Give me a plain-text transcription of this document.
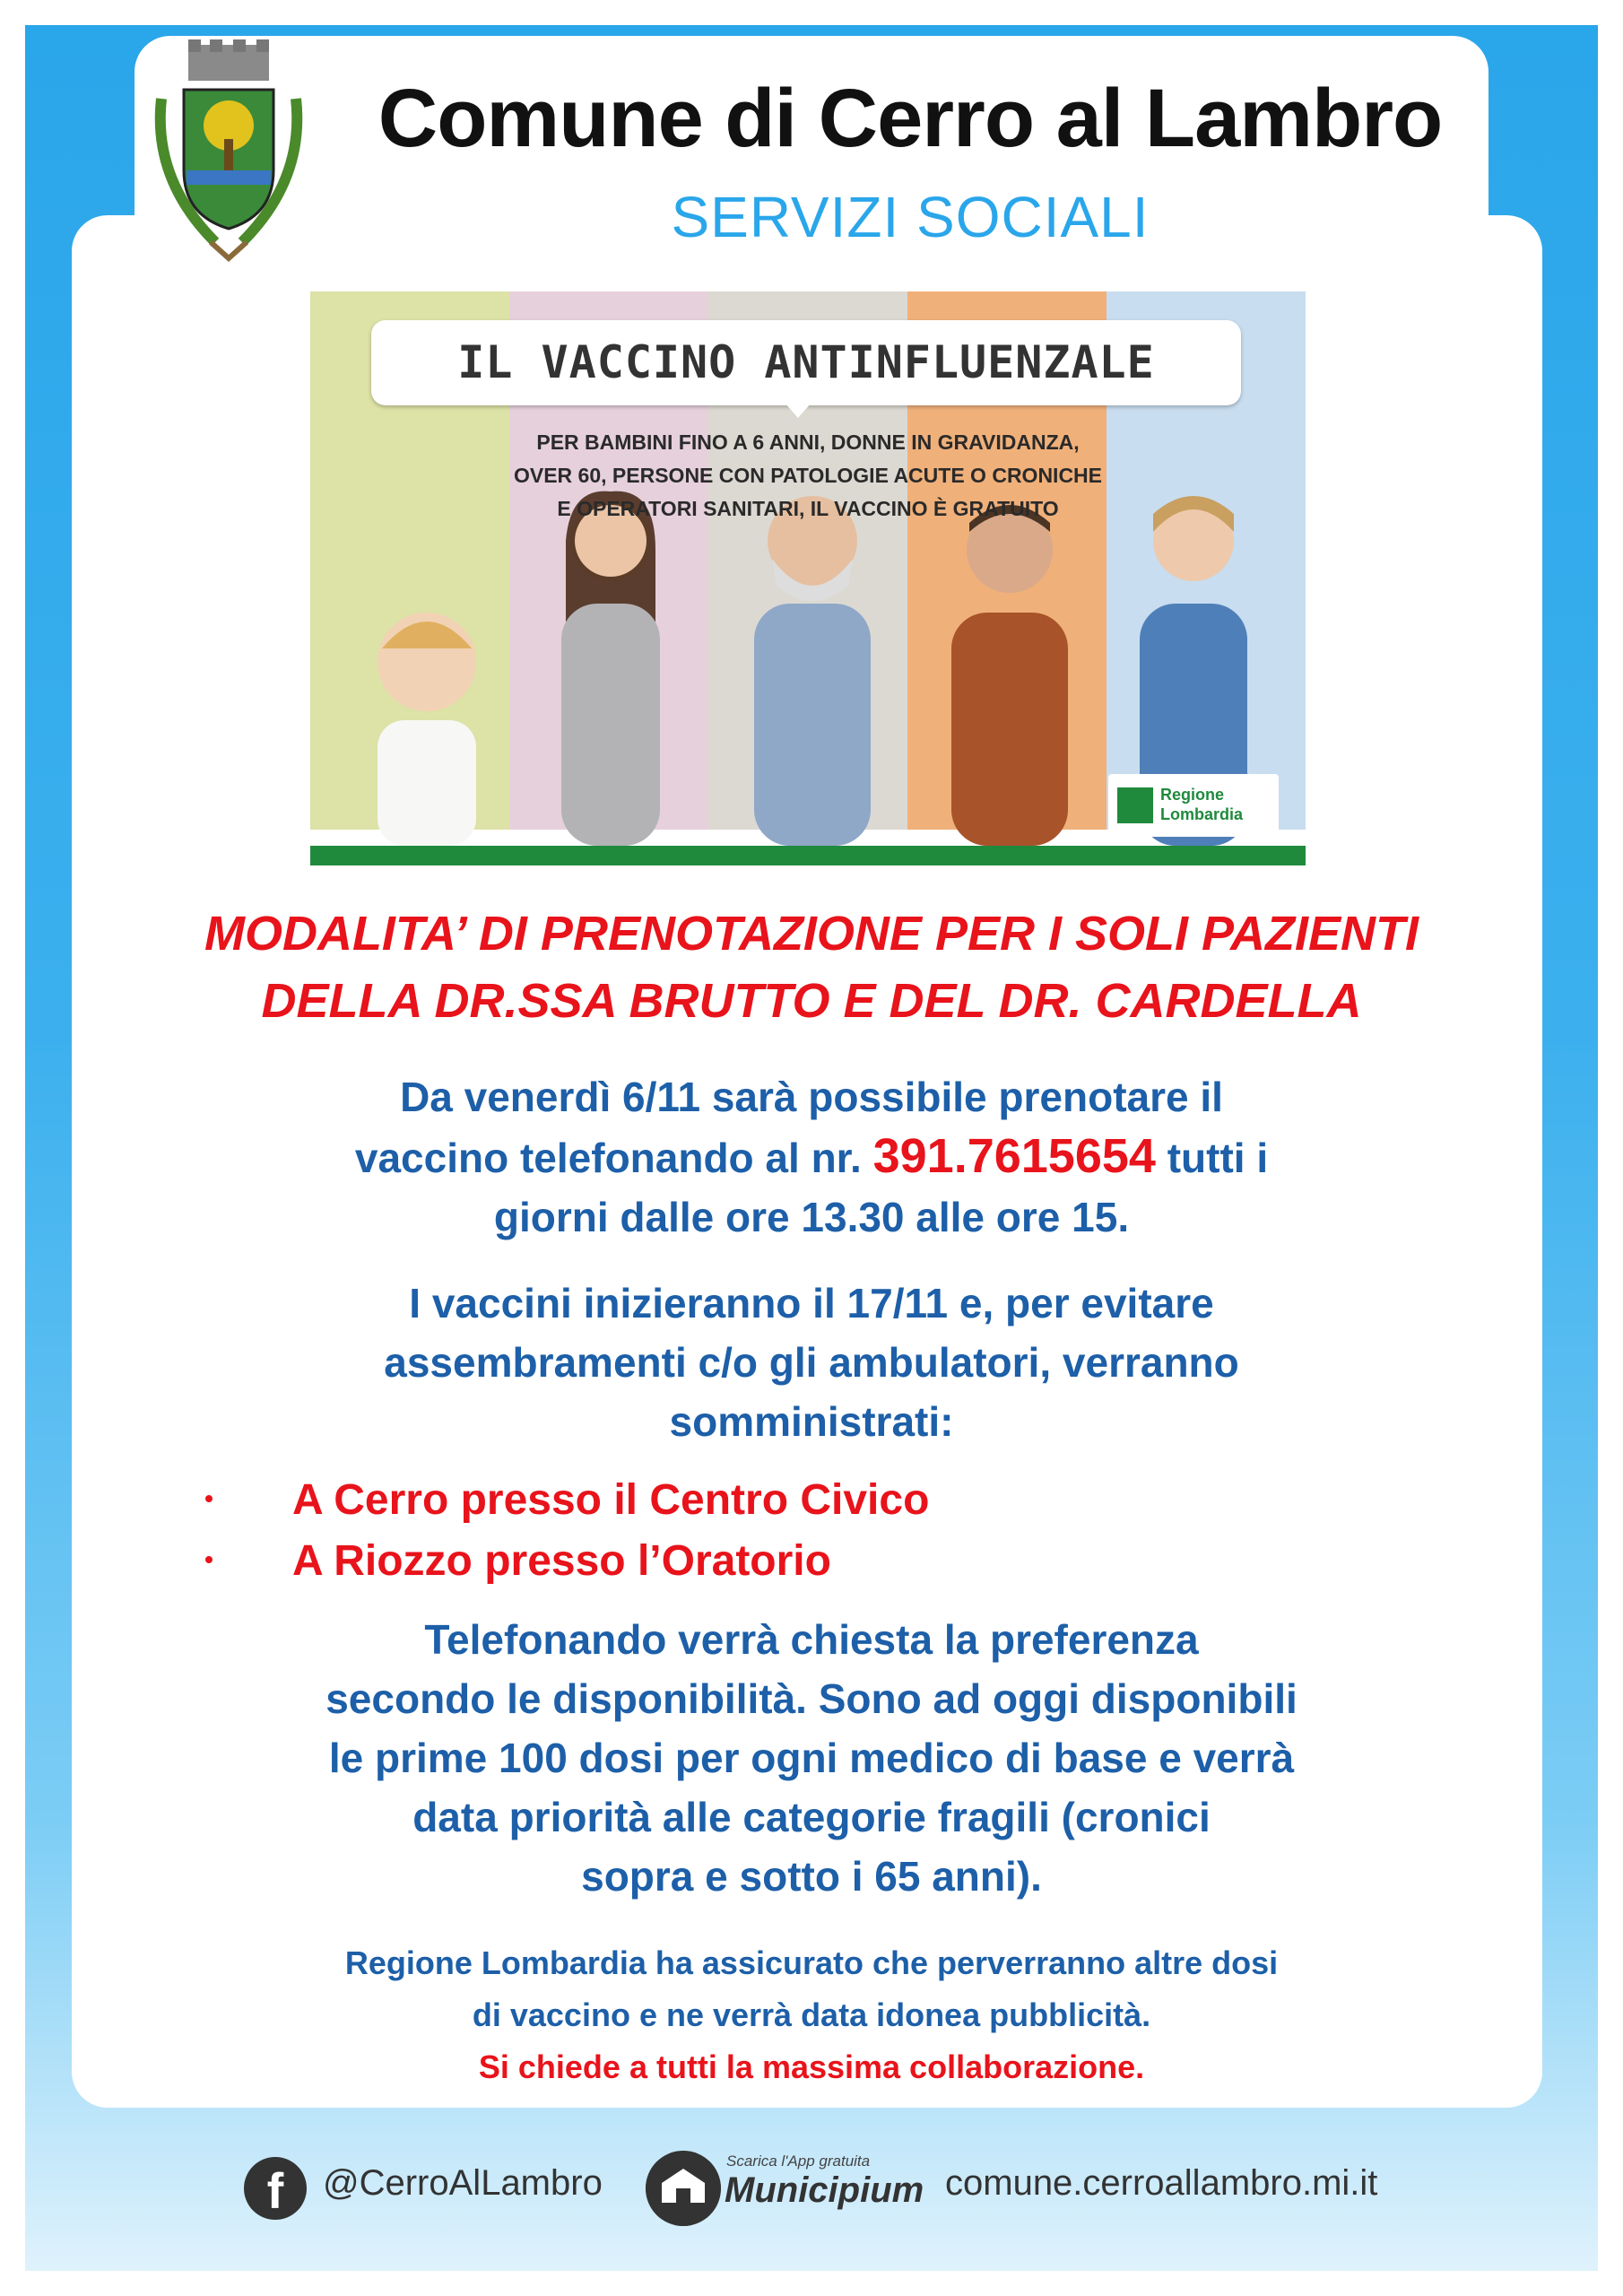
Comune di Cerro al Lambro
SERVIZI SOCIALI
IL VACCINO ANTINFLUENZALE
PER BAMBINI FINO A 6 ANNI, DONNE IN GRAVIDANZA,
OVER 60, PERSONE CON PATOLOGIE ACUTE O CRONICHE
E OPERATORI SANITARI, IL VACCINO È GRATUITO
Regione
Lombardia
MODALITA’ DI PRENOTAZIONE PER I SOLI PAZIENTI
DELLA DR.SSA BRUTTO E DEL DR. CARDELLA
Da venerdì 6/11 sarà possibile prenotare il
vaccino telefonando al nr. 391.7615654 tutti i
giorni dalle ore 13.30 alle ore 15.
I vaccini inizieranno il 17/11 e, per evitare
assembramenti c/o gli ambulatori, verranno
somministrati:
A Cerro presso il Centro Civico
A Riozzo presso l’Oratorio
Telefonando verrà chiesta la preferenza
secondo le disponibilità. Sono ad oggi disponibili
le prime 100 dosi per ogni medico di base e verrà
data priorità alle categorie fragili (cronici
sopra e sotto i 65 anni).
Regione Lombardia ha assicurato che perverranno altre dosi
di vaccino e ne verrà data idonea pubblicità.
Si chiede a tutti la massima collaborazione.
f	@CerroAlLambro
Scarica l'App gratuita
Municipium comune.cerroallambro.mi.it
